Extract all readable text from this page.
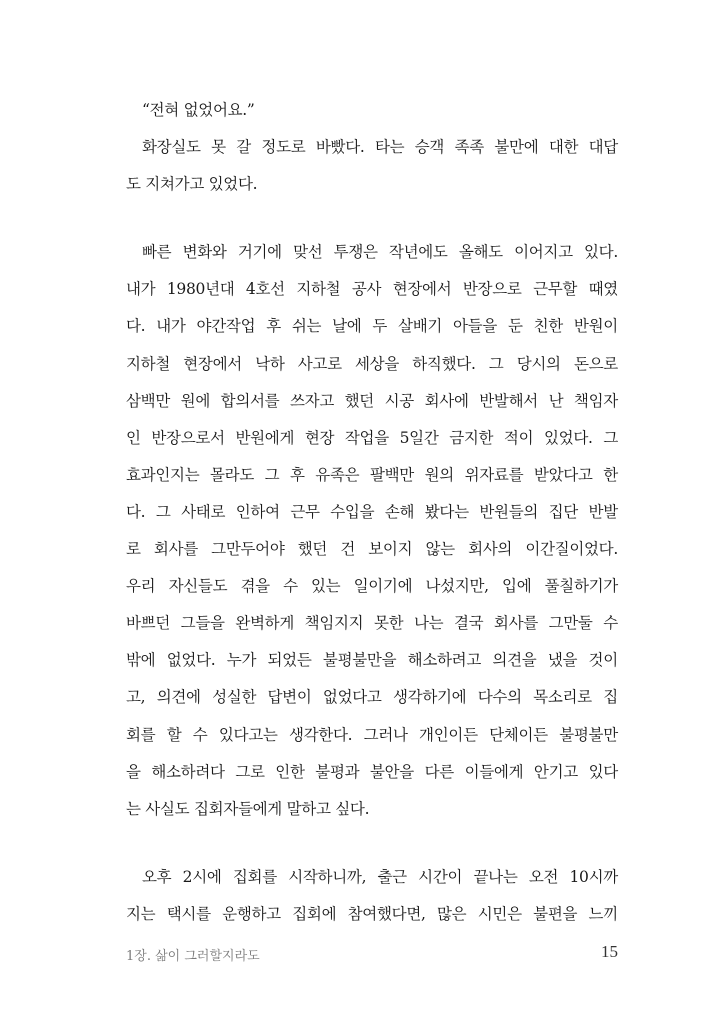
“전혀 없었어요.”
화장실도 못 갈 정도로 바빴다. 타는 승객 족족 불만에 대한 대답
도 지쳐가고 있었다.
빠른 변화와 거기에 맞선 투쟁은 작년에도 올해도 이어지고 있다.
내가 1980년대 4호선 지하철 공사 현장에서 반장으로 근무할 때였
다. 내가 야간작업 후 쉬는 날에 두 살배기 아들을 둔 친한 반원이
지하철 현장에서 낙하 사고로 세상을 하직했다. 그 당시의 돈으로
삼백만 원에 합의서를 쓰자고 했던 시공 회사에 반발해서 난 책임자
인 반장으로서 반원에게 현장 작업을 5일간 금지한 적이 있었다. 그
효과인지는 몰라도 그 후 유족은 팔백만 원의 위자료를 받았다고 한
다. 그 사태로 인하여 근무 수입을 손해 봤다는 반원들의 집단 반발
로 회사를 그만두어야 했던 건 보이지 않는 회사의 이간질이었다.
우리 자신들도 겪을 수 있는 일이기에 나섰지만, 입에 풀칠하기가
바쁘던 그들을 완벽하게 책임지지 못한 나는 결국 회사를 그만둘 수
밖에 없었다. 누가 되었든 불평불만을 해소하려고 의견을 냈을 것이
고, 의견에 성실한 답변이 없었다고 생각하기에 다수의 목소리로 집
회를 할 수 있다고는 생각한다. 그러나 개인이든 단체이든 불평불만
을 해소하려다 그로 인한 불평과 불안을 다른 이들에게 안기고 있다
는 사실도 집회자들에게 말하고 싶다.
오후 2시에 집회를 시작하니까, 출근 시간이 끝나는 오전 10시까
지는 택시를 운행하고 집회에 참여했다면, 많은 시민은 불편을 느끼
1장. 삶이 그러할지라도	15
